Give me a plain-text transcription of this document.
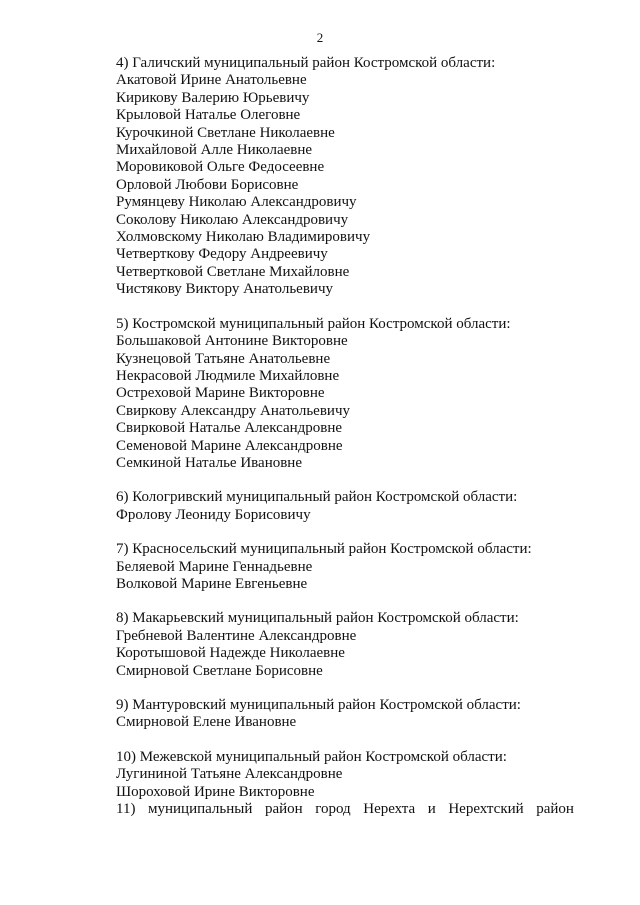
2
4) Галичский муниципальный район Костромской области:
Акатовой Ирине Анатольевне
Кирикову Валерию Юрьевичу
Крыловой Наталье Олеговне
Курочкиной Светлане Николаевне
Михайловой Алле Николаевне
Моровиковой Ольге Федосеевне
Орловой Любови Борисовне
Румянцеву Николаю Александровичу
Соколову Николаю Александровичу
Холмовскому Николаю Владимировичу
Четверткову Федору Андреевичу
Четвертковой Светлане Михайловне
Чистякову Виктору Анатольевичу
5) Костромской муниципальный район Костромской области:
Большаковой Антонине Викторовне
Кузнецовой Татьяне Анатольевне
Некрасовой Людмиле Михайловне
Остреховой Марине Викторовне
Свиркову Александру Анатольевичу
Свирковой Наталье Александровне
Семеновой Марине Александровне
Семкиной Наталье Ивановне
6) Кологривский муниципальный район Костромской области:
Фролову Леониду Борисовичу
7) Красносельский муниципальный район Костромской области:
Беляевой Марине Геннадьевне
Волковой Марине Евгеньевне
8) Макарьевский муниципальный район Костромской области:
Гребневой Валентине Александровне
Коротышовой Надежде Николаевне
Смирновой Светлане Борисовне
9) Мантуровский муниципальный район Костромской области:
Смирновой Елене Ивановне
10) Межевской муниципальный район Костромской области:
Лугининой Татьяне Александровне
Шороховой Ирине Викторовне
11) муниципальный район город Нерехта и Нерехтский район
